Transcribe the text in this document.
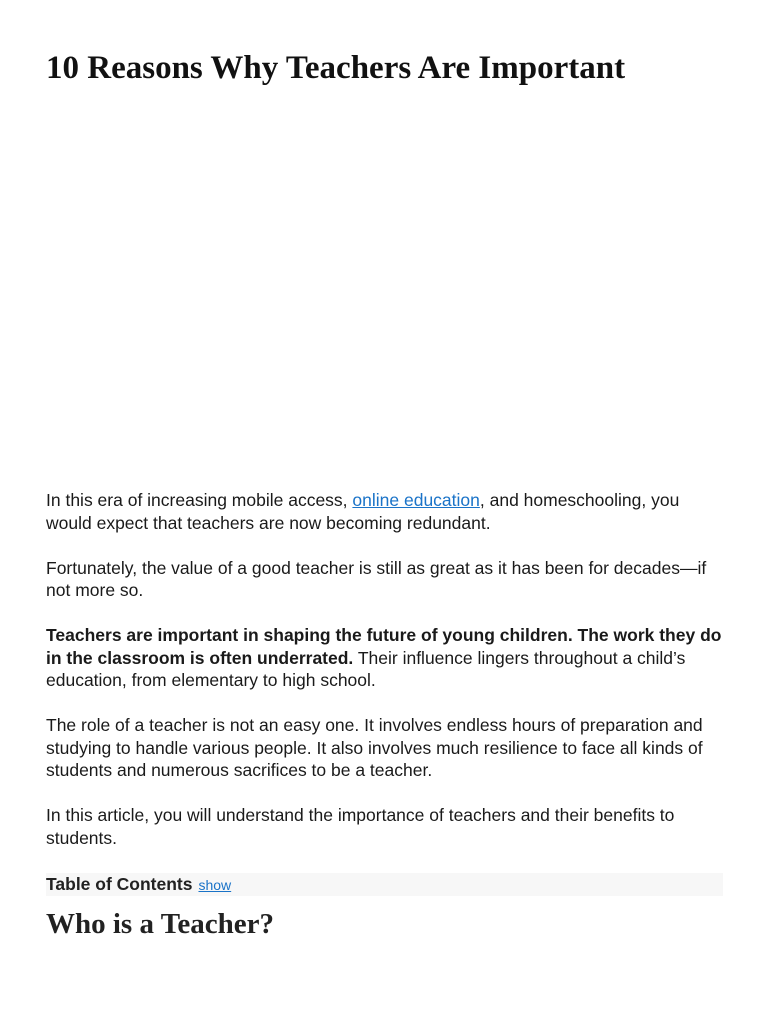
10 Reasons Why Teachers Are Important

In this era of increasing mobile access, online education, and homeschooling, you would expect that teachers are now becoming redundant.

Fortunately, the value of a good teacher is still as great as it has been for decades—if not more so.

Teachers are important in shaping the future of young children. The work they do in the classroom is often underrated. Their influence lingers throughout a child’s education, from elementary to high school.

The role of a teacher is not an easy one. It involves endless hours of preparation and studying to handle various people. It also involves much resilience to face all kinds of students and numerous sacrifices to be a teacher.

In this article, you will understand the importance of teachers and their benefits to students.

Table of Contents show
Who is a Teacher?
